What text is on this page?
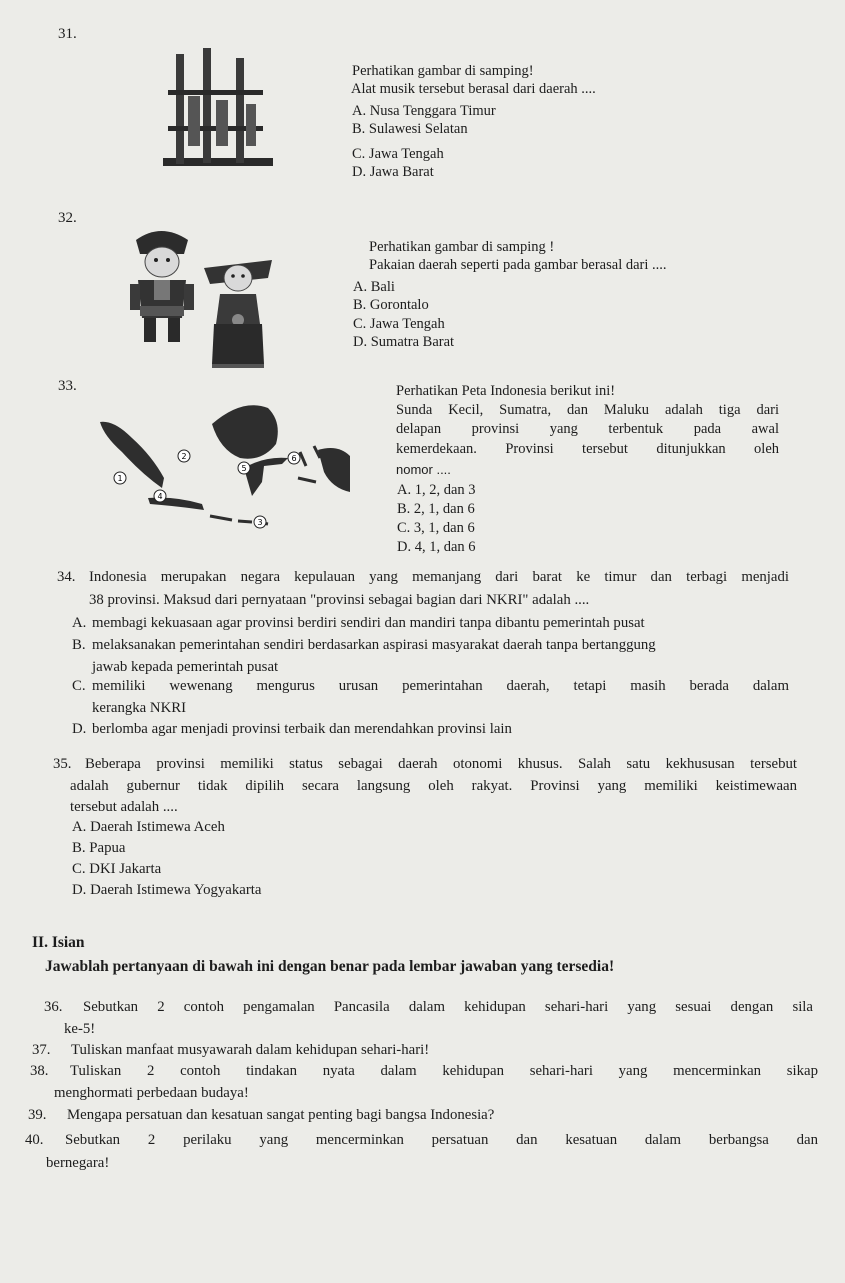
31.
Perhatikan gambar di samping!
Alat musik tersebut berasal dari daerah ....
A. Nusa Tenggara Timur
B. Sulawesi Selatan
C. Jawa Tengah
D. Jawa Barat
32.
Perhatikan gambar di samping !
Pakaian daerah seperti pada gambar berasal dari ....
A. Bali
B. Gorontalo
C. Jawa Tengah
D. Sumatra Barat
33.
1
2
3
4
5
6
Perhatikan Peta Indonesia berikut ini!
Sunda Kecil, Sumatra, dan Maluku adalah tiga dari
delapan provinsi yang terbentuk pada awal
kemerdekaan. Provinsi tersebut ditunjukkan oleh
nomor ....
A. 1, 2, dan 3
B. 2, 1, dan 6
C. 3, 1, dan 6
D. 4, 1, dan 6
34. Indonesia merupakan negara kepulauan yang memanjang dari barat ke timur dan terbagi menjadi
38 provinsi. Maksud dari pernyataan "provinsi sebagai bagian dari NKRI" adalah ....
A. membagi kekuasaan agar provinsi berdiri sendiri dan mandiri tanpa dibantu pemerintah pusat
B. melaksanakan pemerintahan sendiri berdasarkan aspirasi masyarakat daerah tanpa bertanggung
jawab kepada pemerintah pusat
C. memiliki wewenang mengurus urusan pemerintahan daerah, tetapi masih berada dalam
kerangka NKRI
D. berlomba agar menjadi provinsi terbaik dan merendahkan provinsi lain
35. Beberapa provinsi memiliki status sebagai daerah otonomi khusus. Salah satu kekhususan tersebut
adalah gubernur tidak dipilih secara langsung oleh rakyat. Provinsi yang memiliki keistimewaan
tersebut adalah ....
A. Daerah Istimewa Aceh
B. Papua
C. DKI Jakarta
D. Daerah Istimewa Yogyakarta
II. Isian
Jawablah pertanyaan di bawah ini dengan benar pada lembar jawaban yang tersedia!
36. Sebutkan 2 contoh pengamalan Pancasila dalam kehidupan sehari-hari yang sesuai dengan sila
ke-5!
37. Tuliskan manfaat musyawarah dalam kehidupan sehari-hari!
38. Tuliskan 2 contoh tindakan nyata dalam kehidupan sehari-hari yang mencerminkan sikap
menghormati perbedaan budaya!
39. Mengapa persatuan dan kesatuan sangat penting bagi bangsa Indonesia?
40. Sebutkan 2 perilaku yang mencerminkan persatuan dan kesatuan dalam berbangsa dan
bernegara!
